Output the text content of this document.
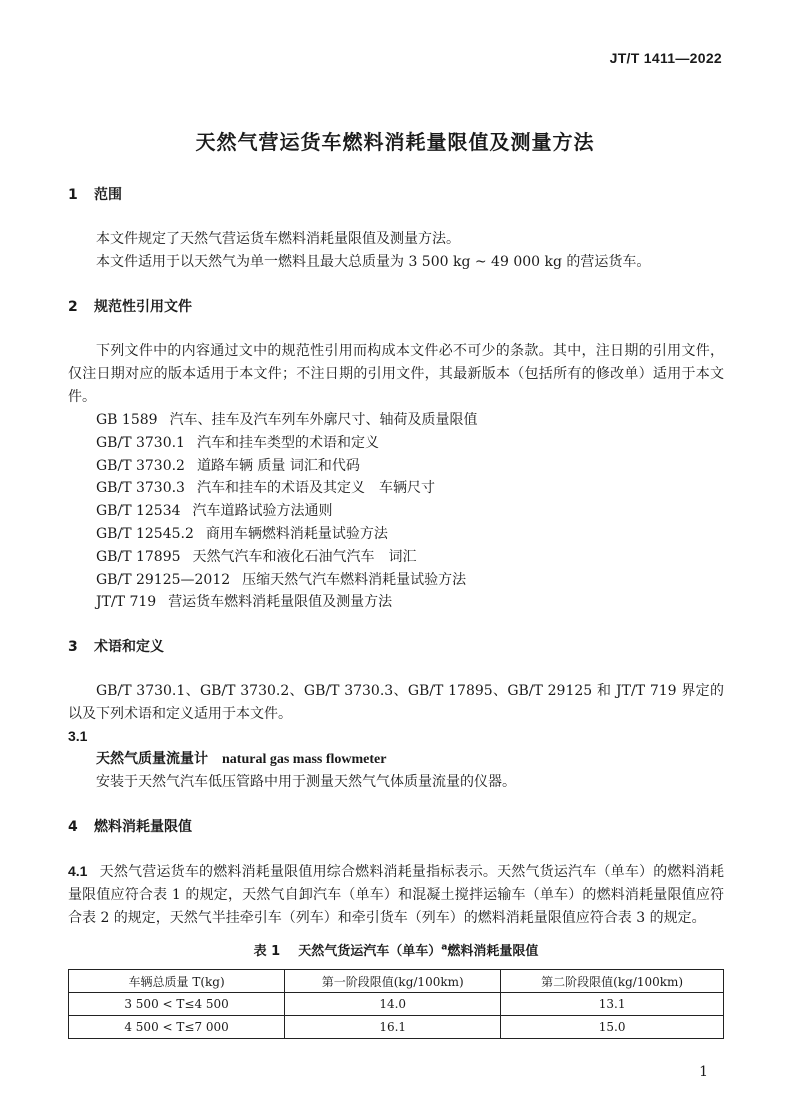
JT/T 1411—2022
天然气营运货车燃料消耗量限值及测量方法
1 范围

本文件规定了天然气营运货车燃料消耗量限值及测量方法。

本文件适用于以天然气为单一燃料且最大总质量为 3 500 kg ~ 49 000 kg 的营运货车。

2 规范性引用文件

下列文件中的内容通过文中的规范性引用而构成本文件必不可少的条款。其中，注日期的引用文件，仅注日期对应的版本适用于本文件；不注日期的引用文件，其最新版本（包括所有的修改单）适用于本文件。

GB 1589 汽车、挂车及汽车列车外廓尺寸、轴荷及质量限值
GB/T 3730.1 汽车和挂车类型的术语和定义
GB/T 3730.2 道路车辆 质量 词汇和代码
GB/T 3730.3 汽车和挂车的术语及其定义　车辆尺寸
GB/T 12534 汽车道路试验方法通则
GB/T 12545.2 商用车辆燃料消耗量试验方法
GB/T 17895 天然气汽车和液化石油气汽车　词汇
GB/T 29125—2012 压缩天然气汽车燃料消耗量试验方法
JT/T 719 营运货车燃料消耗量限值及测量方法
3 术语和定义

GB/T 3730.1、GB/T 3730.2、GB/T 3730.3、GB/T 17895、GB/T 29125 和 JT/T 719 界定的以及下列术语和定义适用于本文件。

3.1
天然气质量流量计 natural gas mass flowmeter

安装于天然气汽车低压管路中用于测量天然气气体质量流量的仪器。

4 燃料消耗量限值

4.1 天然气营运货车的燃料消耗量限值用综合燃料消耗量指标表示。天然气货运汽车（单车）的燃料消耗量限值应符合表 1 的规定，天然气自卸汽车（单车）和混凝土搅拌运输车（单车）的燃料消耗量限值应符合表 2 的规定，天然气半挂牵引车（列车）和牵引货车（列车）的燃料消耗量限值应符合表 3 的规定。

表 1 天然气货运汽车（单车）$^a$燃料消耗量限值
车辆总质量 T(kg)	第一阶段限值(kg/100km)	第二阶段限值(kg/100km)
3 500 < T≤4 500	14.0	13.1
4 500 < T≤7 000	16.1	15.0
1
